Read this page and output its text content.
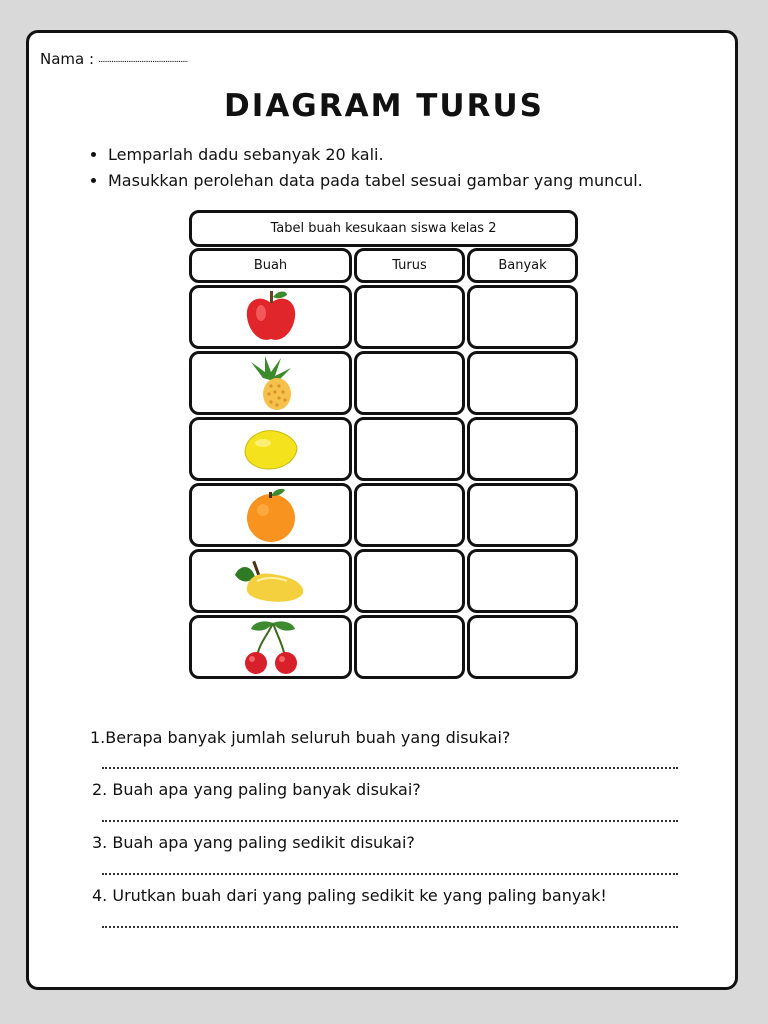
Nama : ................................................
DIAGRAM TURUS
• Lemparlah dadu sebanyak 20 kali.
• Masukkan perolehan data pada tabel sesuai gambar yang muncul.
Tabel buah kesukaan siswa kelas 2
Buah	Turus	Banyak
1.Berapa banyak jumlah seluruh buah yang disukai?
2. Buah apa yang paling banyak disukai?
3. Buah apa yang paling sedikit disukai?
4. Urutkan buah dari yang paling sedikit ke yang paling banyak!
